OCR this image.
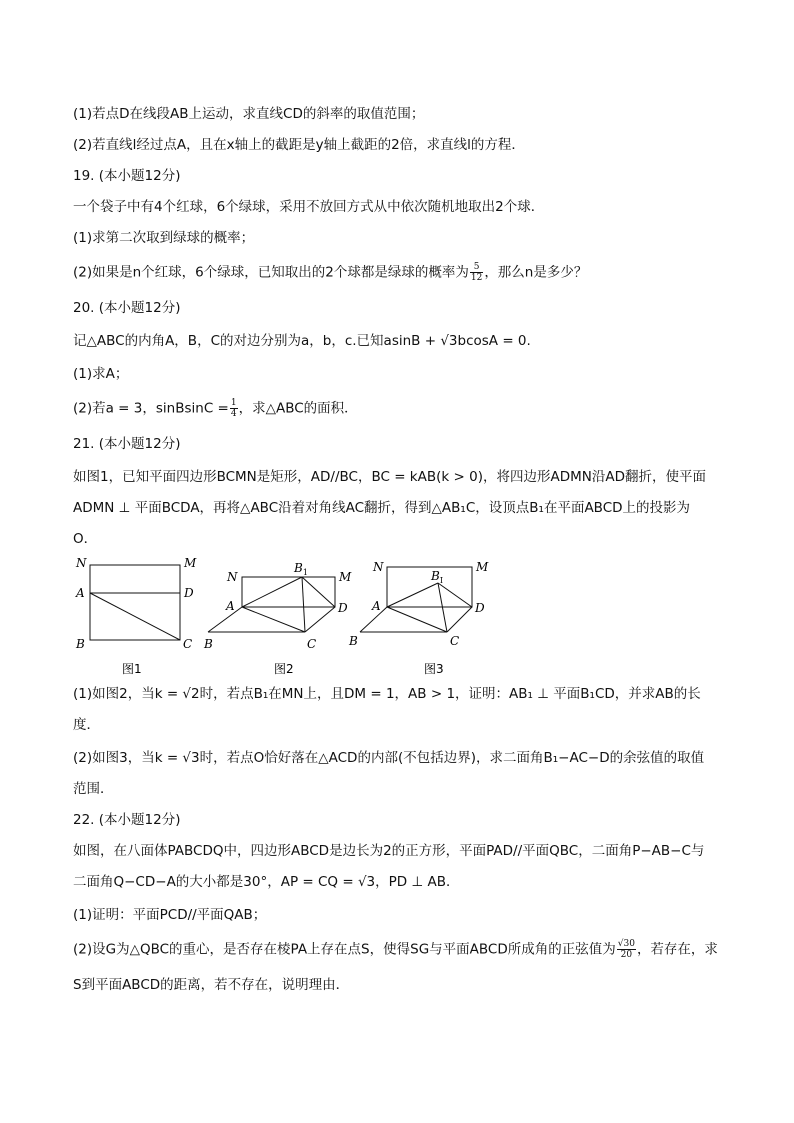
(1)若点D在线段AB上运动，求直线CD的斜率的取值范围；
(2)若直线l经过点A，且在x轴上的截距是y轴上截距的2倍，求直线l的方程．
19. (本小题12分)
一个袋子中有4个红球，6个绿球，采用不放回方式从中依次随机地取出2个球．
(1)求第二次取到绿球的概率；
(2)如果是n个红球，6个绿球，已知取出的2个球都是绿球的概率为 $\frac{5}{12}$ ，那么n是多少？
20. (本小题12分)
记△ABC的内角A，B，C的对边分别为a，b，c.已知asinB + √3bcosA = 0.
(1)求A；
(2)若a = 3，sinBsinC = $\frac{1}{4}$ ，求△ABC的面积．
21. (本小题12分)
如图1，已知平面四边形BCMN是矩形，AD//BC，BC = kAB(k > 0)，将四边形ADMN沿AD翻折，使平面
ADMN ⊥ 平面BCDA，再将△ABC沿着对角线AC翻折，得到△AB₁C，设顶点B₁在平面ABCD上的投影为
O．
N	M
A	D
B	C
图1
N	M
$B_1$
A	D
B	C
图2
N	M
$B_I$
A	D
B	C
图3
(1)如图2，当k = √2时，若点B₁在MN上，且DM = 1，AB > 1，证明：AB₁ ⊥ 平面B₁CD，并求AB的长
度．
(2)如图3，当k = √3时，若点O恰好落在△ACD的内部(不包括边界)，求二面角B₁−AC−D的余弦值的取值
范围．
22. (本小题12分)
如图，在八面体PABCDQ中，四边形ABCD是边长为2的正方形，平面PAD//平面QBC，二面角P−AB−C与
二面角Q−CD−A的大小都是30°，AP = CQ = √3，PD ⊥ AB．
(1)证明：平面PCD//平面QAB；
(2)设G为△QBC的重心，是否存在棱PA上存在点S，使得SG与平面ABCD所成角的正弦值为 $\frac{√30}{20}$ ，若存在，求
S到平面ABCD的距离，若不存在，说明理由．
